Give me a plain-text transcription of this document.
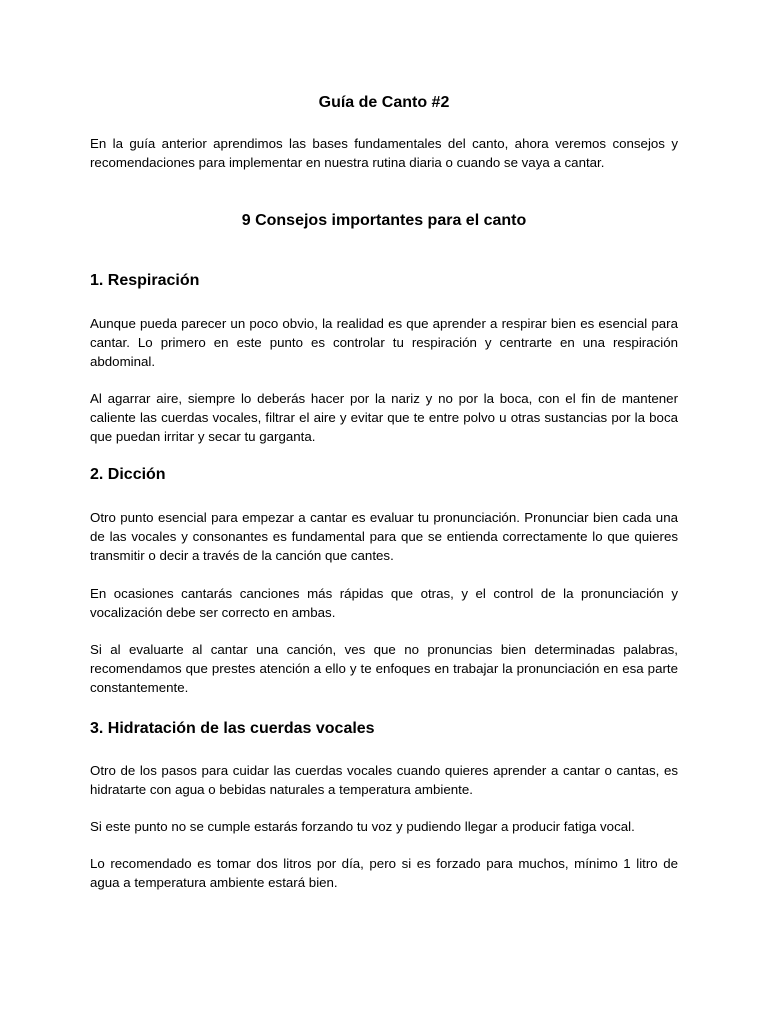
Guía de Canto #2

En la guía anterior aprendimos las bases fundamentales del canto, ahora veremos consejos y recomendaciones para implementar en nuestra rutina diaria o cuando se vaya a cantar.

9 Consejos importantes para el canto
1. Respiración

Aunque pueda parecer un poco obvio, la realidad es que aprender a respirar bien es esencial para cantar. Lo primero en este punto es controlar tu respiración y centrarte en una respiración abdominal.

Al agarrar aire, siempre lo deberás hacer por la nariz y no por la boca, con el fin de mantener caliente las cuerdas vocales, filtrar el aire y evitar que te entre polvo u otras sustancias por la boca que puedan irritar y secar tu garganta.

2. Dicción

Otro punto esencial para empezar a cantar es evaluar tu pronunciación. Pronunciar bien cada una de las vocales y consonantes es fundamental para que se entienda correctamente lo que quieres transmitir o decir a través de la canción que cantes.

En ocasiones cantarás canciones más rápidas que otras, y el control de la pronunciación y vocalización debe ser correcto en ambas.

Si al evaluarte al cantar una canción, ves que no pronuncias bien determinadas palabras, recomendamos que prestes atención a ello y te enfoques en trabajar la pronunciación en esa parte constantemente.

3. Hidratación de las cuerdas vocales

Otro de los pasos para cuidar las cuerdas vocales cuando quieres aprender a cantar o cantas, es hidratarte con agua o bebidas naturales a temperatura ambiente.

Si este punto no se cumple estarás forzando tu voz y pudiendo llegar a producir fatiga vocal.

Lo recomendado es tomar dos litros por día, pero si es forzado para muchos, mínimo 1 litro de agua a temperatura ambiente estará bien.
